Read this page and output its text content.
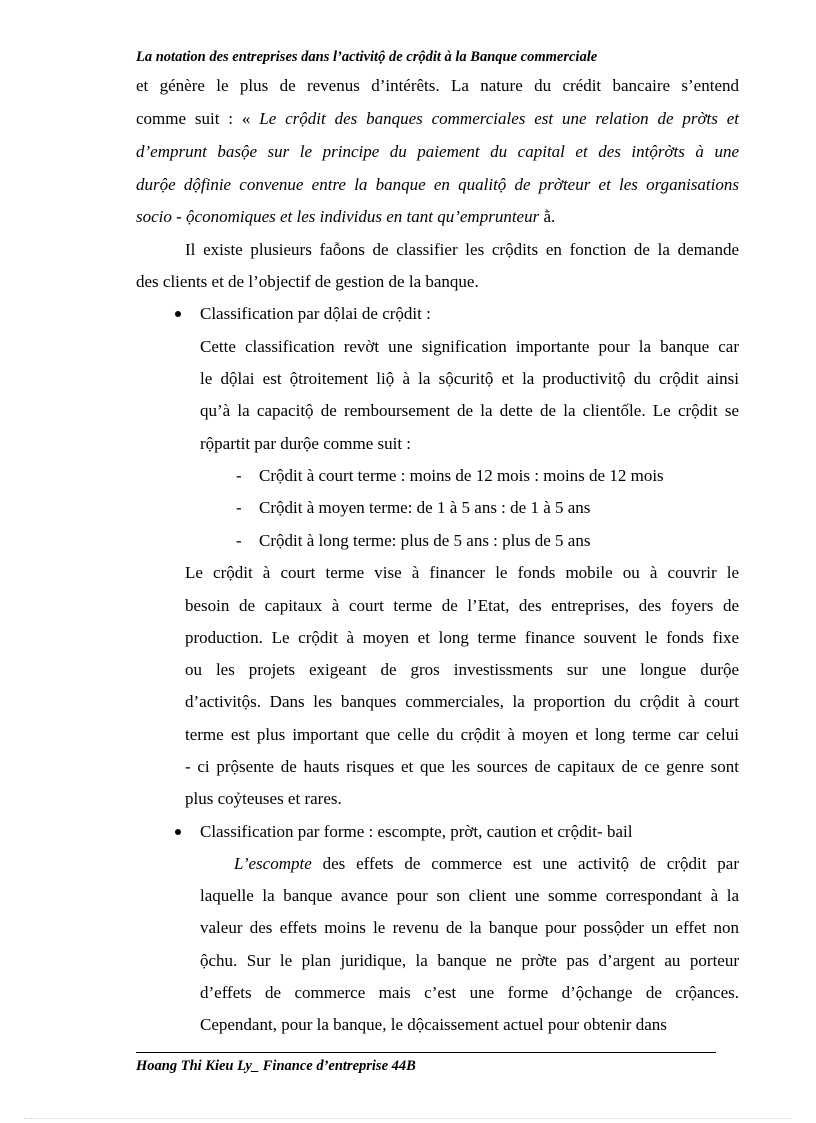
La notation des entreprises dans l’activitộ de crộdit à la Banque commerciale
et génère le plus de revenus d’intérêts. La nature du crédit bancaire s’entend
comme suit : « Le crộdit des banques commerciales est une relation de prờts et
d’emprunt basộe sur le principe du paiement du capital et des intộrờts à une
durộe dộfinie convenue entre la banque en qualitộ de prờteur et les organisations
socio - ộconomiques et les individus en tant qu’emprunteur ằ.
Il existe plusieurs faỗons de classifier les crộdits en fonction de la demande
des clients et de l’objectif de gestion de la banque.
Classification par dộlai de crộdit :
Cette classification revờt une signification importante pour la banque car
le dộlai est ộtroitement liộ à la sộcuritộ et la productivitộ du crộdit ainsi
qu’à la capacitộ de remboursement de la dette de la clientốle. Le crộdit se
rộpartit par durộe comme suit :
- Crộdit à court terme : moins de 12 mois : moins de 12 mois
- Crộdit à moyen terme: de 1 à 5 ans : de 1 à 5 ans
- Crộdit à long terme: plus de 5 ans : plus de 5 ans
Le crộdit à court terme vise à financer le fonds mobile ou à couvrir le
besoin de capitaux à court terme de l’Etat, des entreprises, des foyers de
production. Le crộdit à moyen et long terme finance souvent le fonds fixe
ou les projets exigeant de gros investissments sur une longue durộe
d’activitộs. Dans les banques commerciales, la proportion du crộdit à court
terme est plus important que celle du crộdit à moyen et long terme car celui
- ci prộsente de hauts risques et que les sources de capitaux de ce genre sont
plus coỷteuses et rares.
Classification par forme : escompte, prờt, caution et crộdit- bail
L’escompte des effets de commerce est une activitộ de crộdit par
laquelle la banque avance pour son client une somme correspondant à la
valeur des effets moins le revenu de la banque pour possộder un effet non
ộchu. Sur le plan juridique, la banque ne prờte pas d’argent au porteur
d’effets de commerce mais c’est une forme d’ộchange de crộances.
Cependant, pour la banque, le dộcaissement actuel pour obtenir dans
Hoang Thi Kieu Ly_ Finance d’entreprise 44B
